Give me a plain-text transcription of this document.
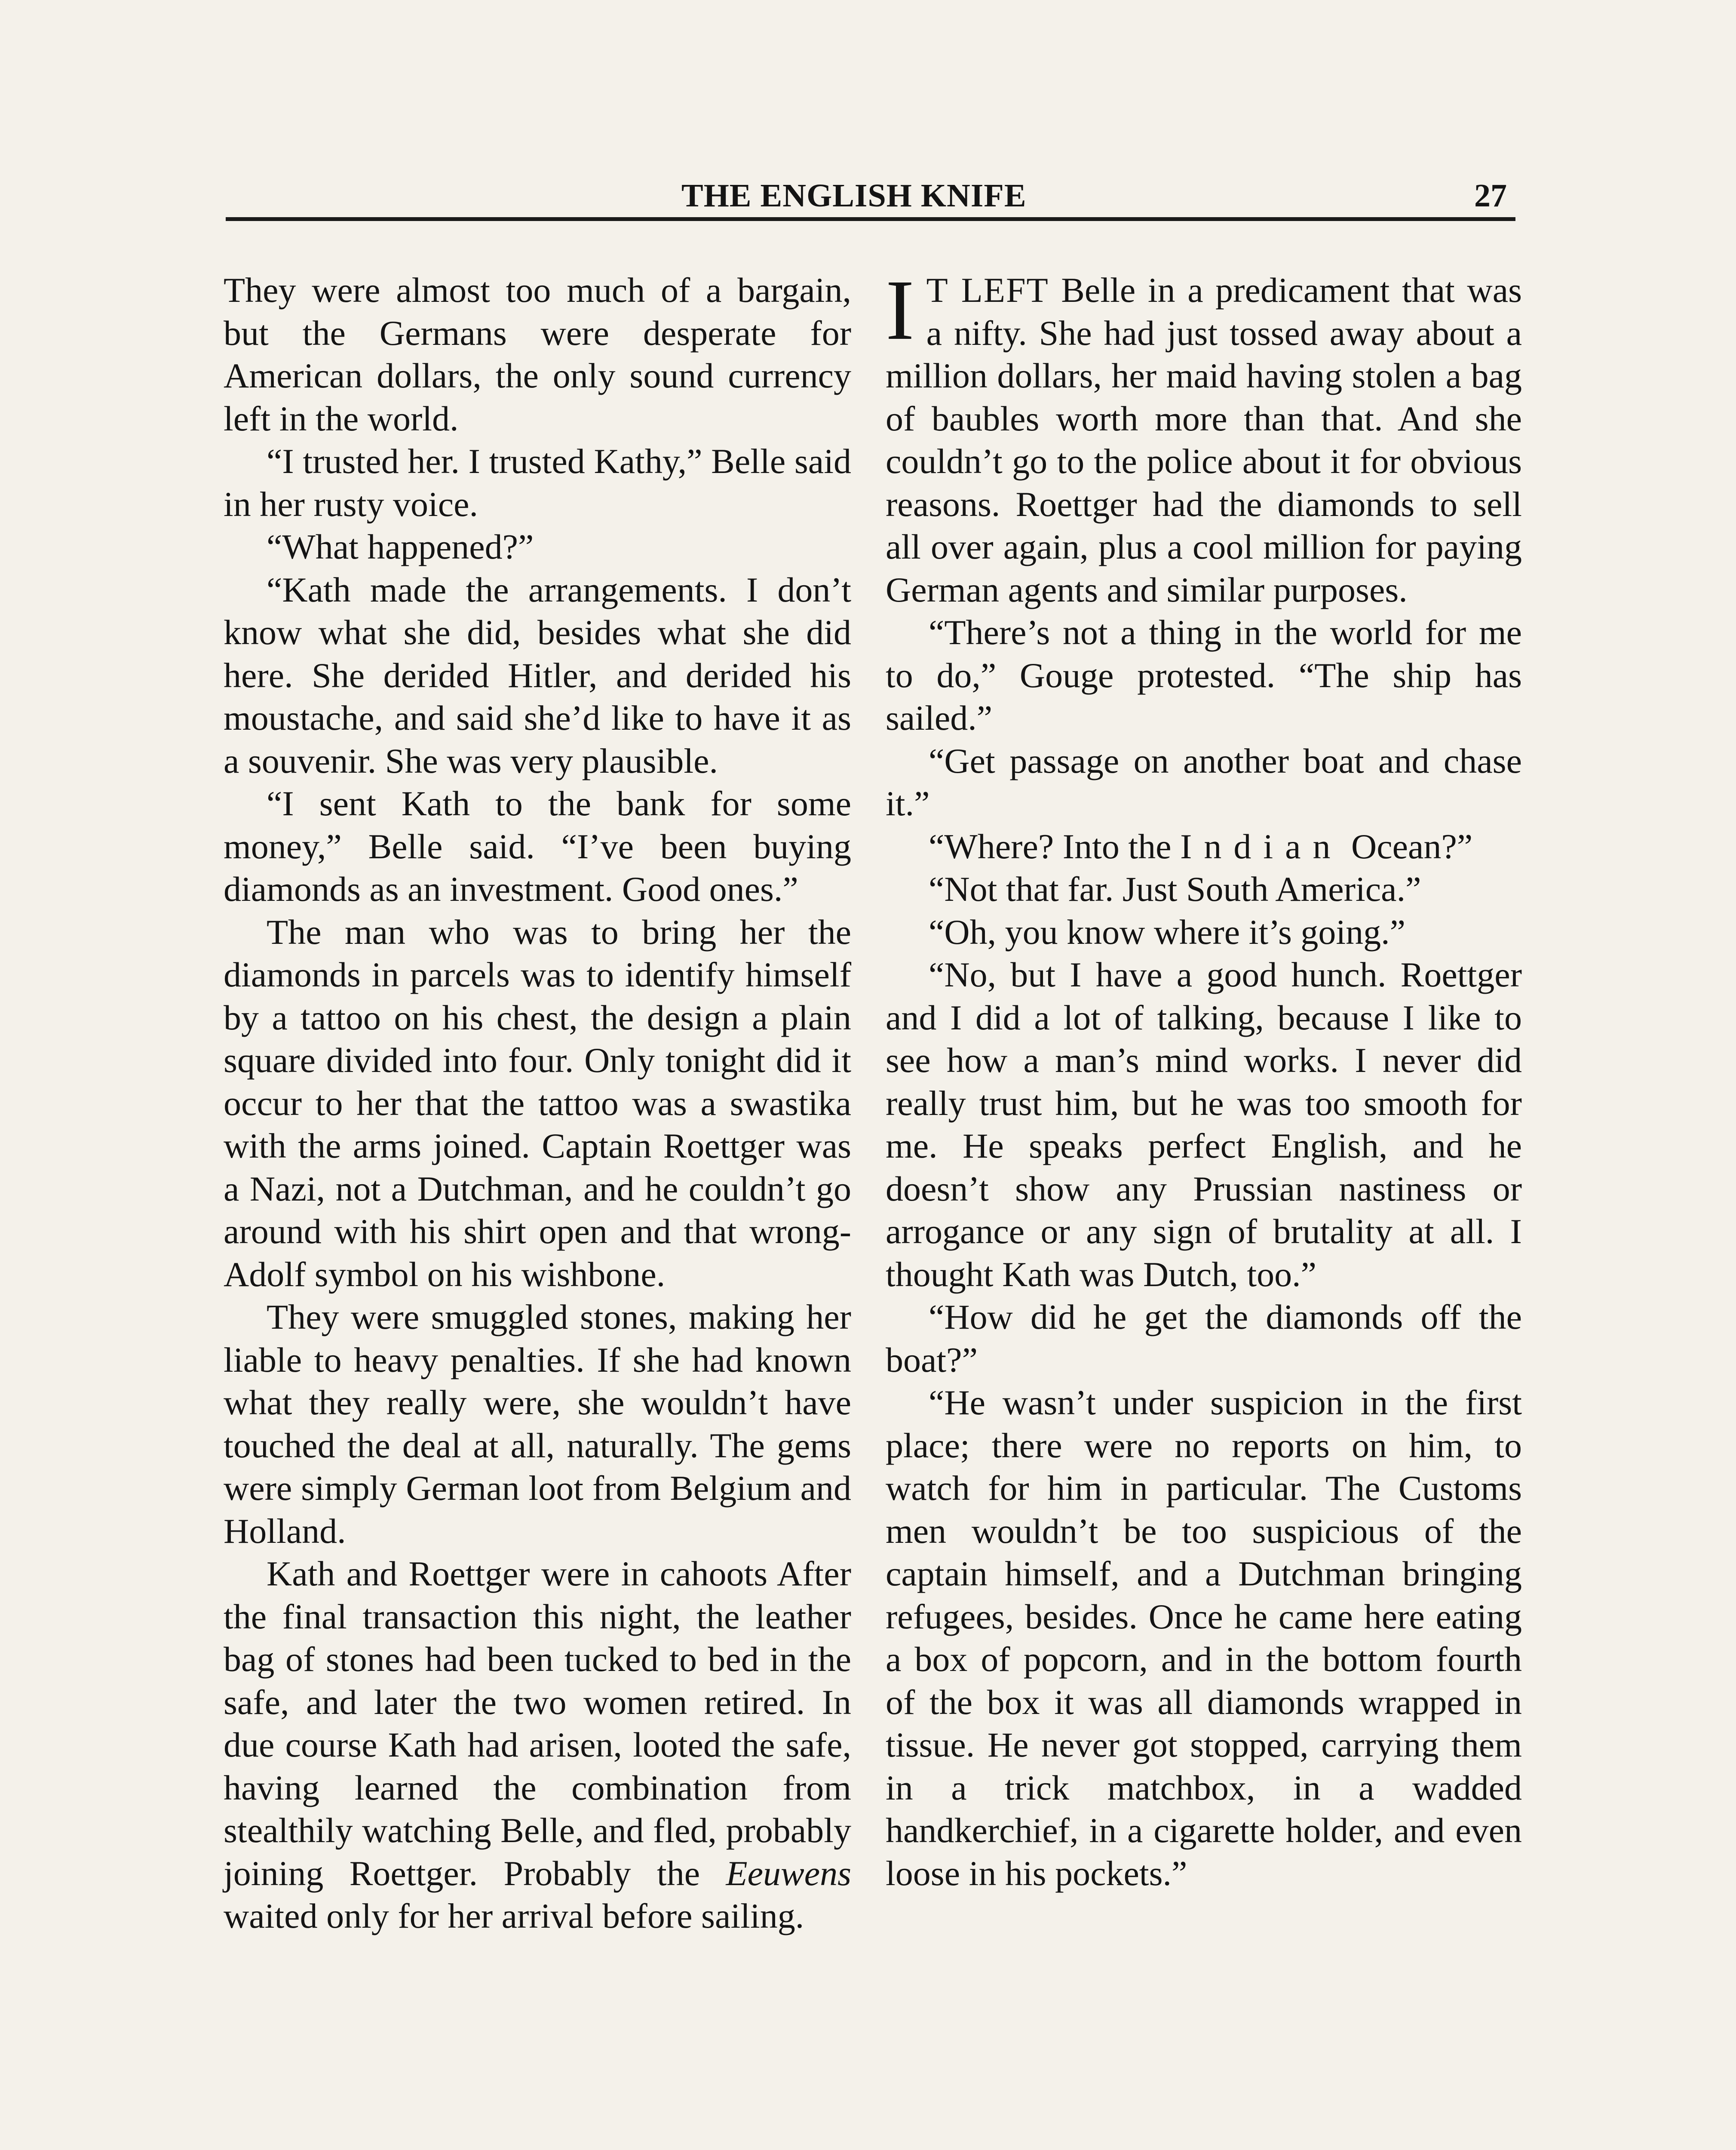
THE ENGLISH KNIFE	27

They were almost too much of a bargain, but the Germans were desperate for American dollars, the only sound currency left in the world.

“I trusted her. I trusted Kathy,” Belle said in her rusty voice.

“What happened?”

“Kath made the arrangements. I don’t know what she did, besides what she did here. She derided Hitler, and derided his moustache, and said she’d like to have it as a souvenir. She was very plausible.

“I sent Kath to the bank for some money,” Belle said. “I’ve been buying diamonds as an investment. Good ones.”

The man who was to bring her the diamonds in parcels was to identify himself by a tattoo on his chest, the design a plain square divided into four. Only tonight did it occur to her that the tattoo was a swastika with the arms joined. Captain Roettger was a Nazi, not a Dutchman, and he couldn’t go around with his shirt open and that wrong-Adolf symbol on his wishbone.

They were smuggled stones, making her liable to heavy penalties. If she had known what they really were, she wouldn’t have touched the deal at all, naturally. The gems were simply German loot from Belgium and Holland.

Kath and Roettger were in cahoots After the final transaction this night, the leather bag of stones had been tucked to bed in the safe, and later the two women retired. In due course Kath had arisen, looted the safe, having learned the combination from stealthily watching Belle, and fled, probably joining Roettger. Probably the Eeuwens waited only for her arrival before sailing.

I T LEFT Belle in a predicament that was a nifty. She had just tossed away about a million dollars, her maid having stolen a bag of baubles worth more than that. And she couldn’t go to the police about it for obvious reasons. Roettger had the diamonds to sell all over again, plus a cool million for paying German agents and similar purposes.

“There’s not a thing in the world for me to do,” Gouge protested. “The ship has sailed.”

“Get passage on another boat and chase it.”

“Where? Into the Indian Ocean?”

“Not that far. Just South America.”

“Oh, you know where it’s going.”

“No, but I have a good hunch. Roettger and I did a lot of talking, because I like to see how a man’s mind works. I never did really trust him, but he was too smooth for me. He speaks perfect English, and he doesn’t show any Prussian nastiness or arrogance or any sign of brutality at all. I thought Kath was Dutch, too.”

“How did he get the diamonds off the boat?”

“He wasn’t under suspicion in the first place; there were no reports on him, to watch for him in particular. The Customs men wouldn’t be too suspicious of the captain himself, and a Dutchman bringing refugees, besides. Once he came here eating a box of popcorn, and in the bottom fourth of the box it was all diamonds wrapped in tissue. He never got stopped, carrying them in a trick matchbox, in a wadded handkerchief, in a cigarette holder, and even loose in his pockets.”
